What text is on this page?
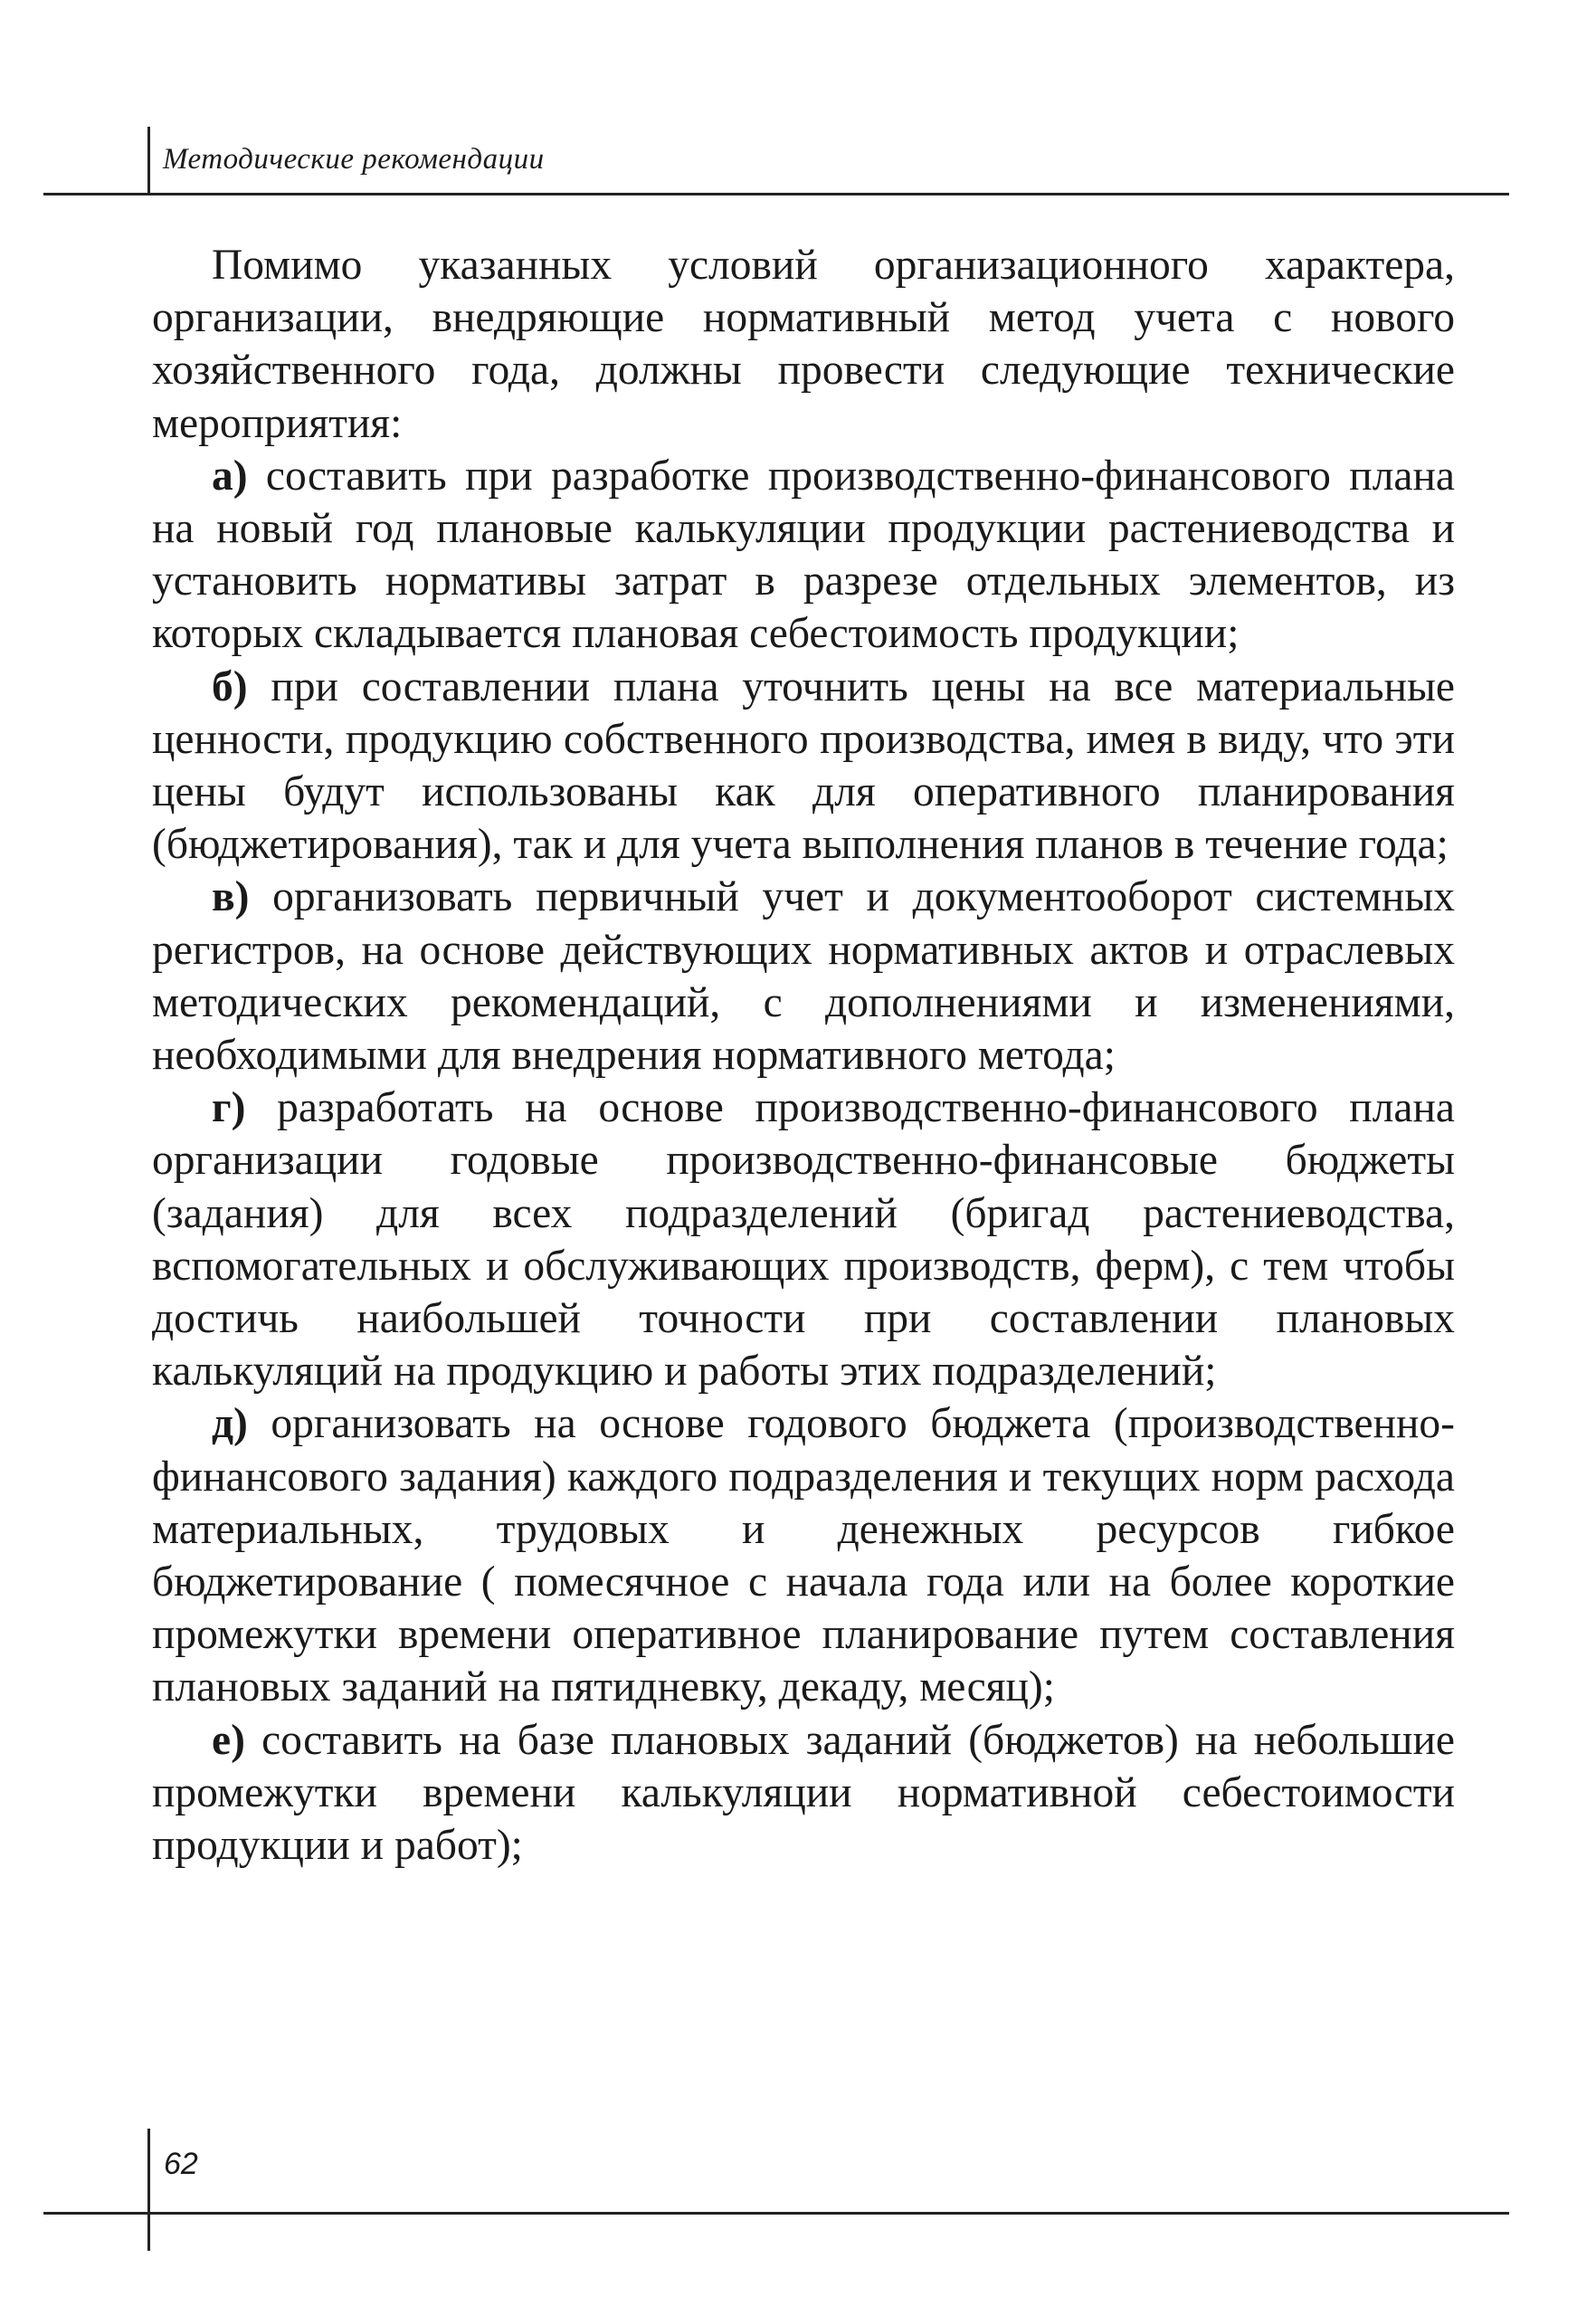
Методические рекомендации

Помимо указанных условий организационного характера, организации, внедряющие нормативный метод учета с нового хозяйственного года, должны провести следующие технические мероприятия:

а) составить при разработке производственно-финансового плана на новый год плановые калькуляции продукции растениеводства и установить нормативы затрат в разрезе отдельных элементов, из которых складывается плановая себестоимость продукции;

б) при составлении плана уточнить цены на все материальные ценности, продукцию собственного производства, имея в виду, что эти цены будут использованы как для оперативного планирования (бюджетирования), так и для учета выполнения планов в течение года;

в) организовать первичный учет и документооборот системных регистров, на основе действующих нормативных актов и отраслевых методических рекомендаций, с дополнениями и изменениями, необходимыми для внедрения нормативного метода;

г) разработать на основе производственно-финансового плана организации годовые производственно-финансовые бюджеты (задания) для всех подразделений (бригад растениеводства, вспомогательных и обслуживающих производств, ферм), с тем чтобы достичь наибольшей точности при составлении плановых калькуляций на продукцию и работы этих подразделений;

д) организовать на основе годового бюджета (производственно-финансового задания) каждого подразделения и текущих норм расхода материальных, трудовых и денежных ресурсов гибкое бюджетирование ( помесячное с начала года или на более короткие промежутки времени оперативное планирование путем составления плановых заданий на пятидневку, декаду, месяц);

е) составить на базе плановых заданий (бюджетов) на небольшие промежутки времени калькуляции нормативной себестоимости продукции и работ);

62
